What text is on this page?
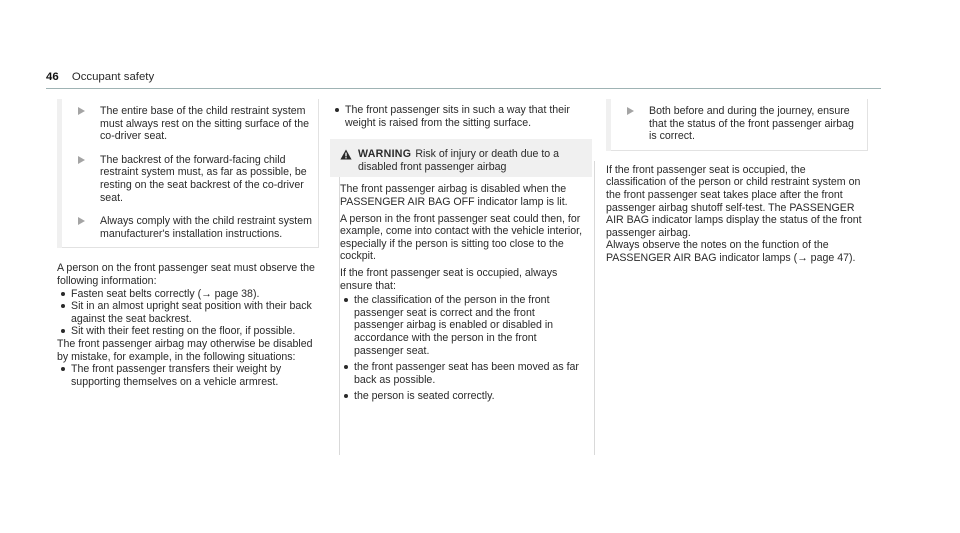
46 Occupant safety
The entire base of the child restraint system must always rest on the sitting surface of the co-driver seat.
The backrest of the forward-facing child restraint system must, as far as possible, be resting on the seat backrest of the co-driver seat.
Always comply with the child restraint system manufacturer's installation instructions.

A person on the front passenger seat must observe the following information:

Fasten seat belts correctly (→ page 38).
Sit in an almost upright seat position with their back against the seat backrest.
Sit with their feet resting on the floor, if possible.

The front passenger airbag may otherwise be disabled by mistake, for example, in the following situations:

The front passenger transfers their weight by supporting themselves on a vehicle armrest.
The front passenger sits in such a way that their weight is raised from the sitting surface.
WARNING Risk of injury or death due to a disabled front passenger airbag

The front passenger airbag is disabled when the PASSENGER AIR BAG OFF indicator lamp is lit.

A person in the front passenger seat could then, for example, come into contact with the vehicle interior, especially if the person is sitting too close to the cockpit.

If the front passenger seat is occupied, always ensure that:

the classification of the person in the front passenger seat is correct and the front passenger airbag is enabled or disabled in accordance with the person in the front passenger seat.
the front passenger seat has been moved as far back as possible.
the person is seated correctly.
Both before and during the journey, ensure that the status of the front passenger airbag is correct.

If the front passenger seat is occupied, the classification of the person or child restraint system on the front passenger seat takes place after the front passenger airbag shutoff self-test. The PASSENGER AIR BAG indicator lamps display the status of the front passenger airbag.

Always observe the notes on the function of the PASSENGER AIR BAG indicator lamps (→ page 47).
